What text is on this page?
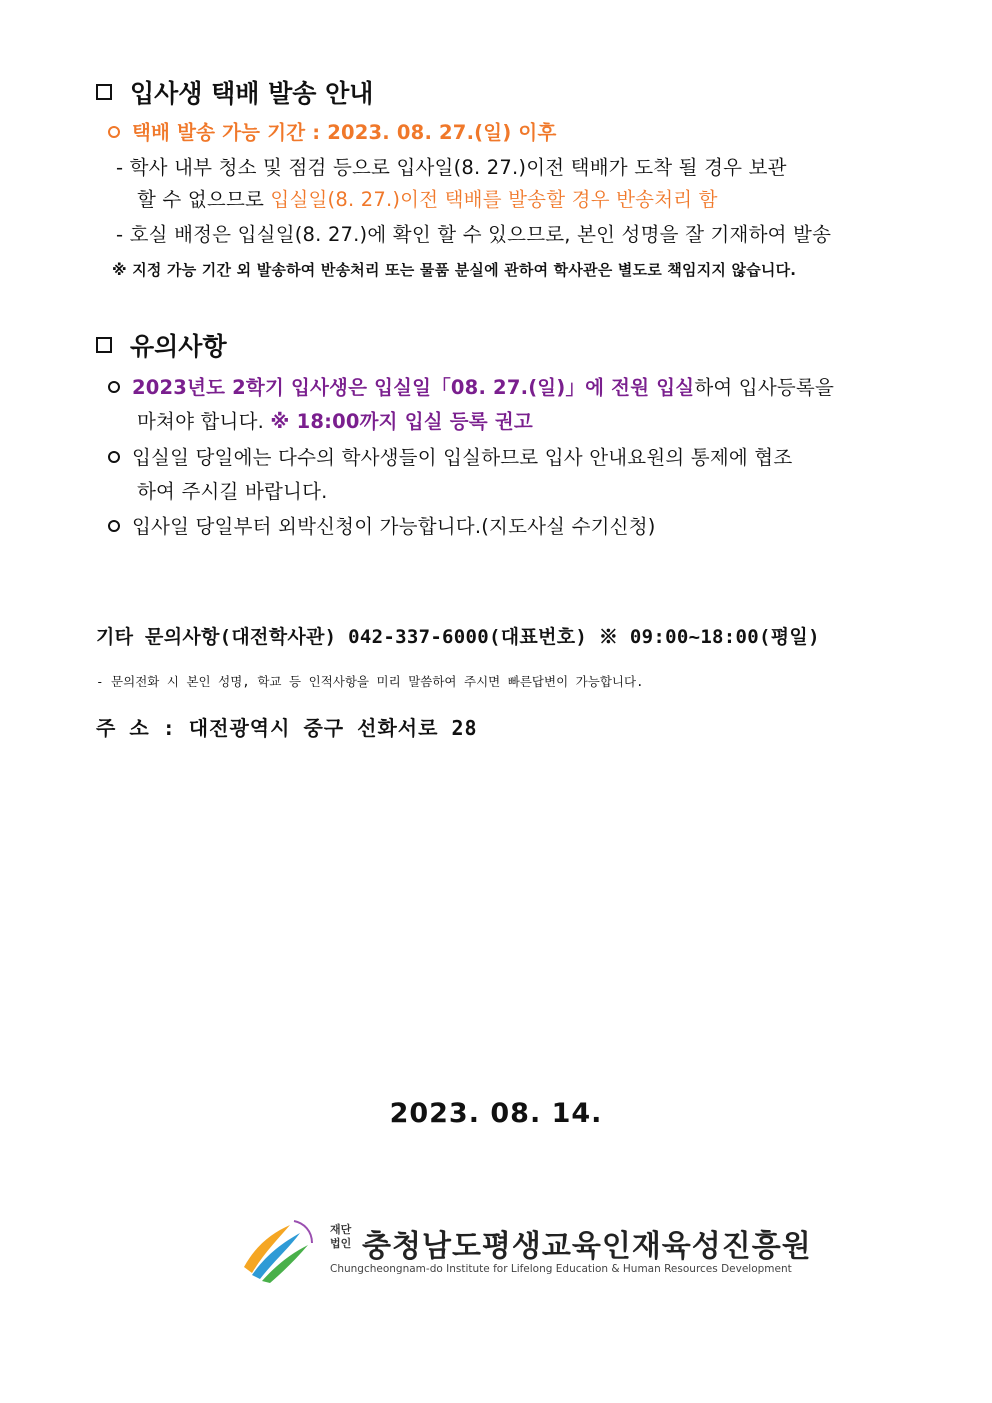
입사생 택배 발송 안내
택배 발송 가능 기간 : 2023. 08. 27.(일) 이후
- 학사 내부 청소 및 점검 등으로 입사일(8. 27.)이전 택배가 도착 될 경우 보관
할 수 없으므로 입실일(8. 27.)이전 택배를 발송할 경우 반송처리 함
- 호실 배정은 입실일(8. 27.)에 확인 할 수 있으므로, 본인 성명을 잘 기재하여 발송
※ 지정 가능 기간 외 발송하여 반송처리 또는 물품 분실에 관하여 학사관은 별도로 책임지지 않습니다.
유의사항
2023년도 2학기 입사생은 입실일「08. 27.(일)」에 전원 입실하여 입사등록을
마쳐야 합니다. ※ 18:00까지 입실 등록 권고
입실일 당일에는 다수의 학사생들이 입실하므로 입사 안내요원의 통제에 협조
하여 주시길 바랍니다.
입사일 당일부터 외박신청이 가능합니다.(지도사실 수기신청)
기타 문의사항(대전학사관) 042-337-6000(대표번호) ※ 09:00~18:00(평일)
- 문의전화 시 본인 성명, 학교 등 인적사항을 미리 말씀하여 주시면 빠른답변이 가능합니다.
주 소 : 대전광역시 중구 선화서로 28
2023. 08. 14.
재단
법인 충청남도평생교육인재육성진흥원
Chungcheongnam-do Institute for Lifelong Education & Human Resources Development
